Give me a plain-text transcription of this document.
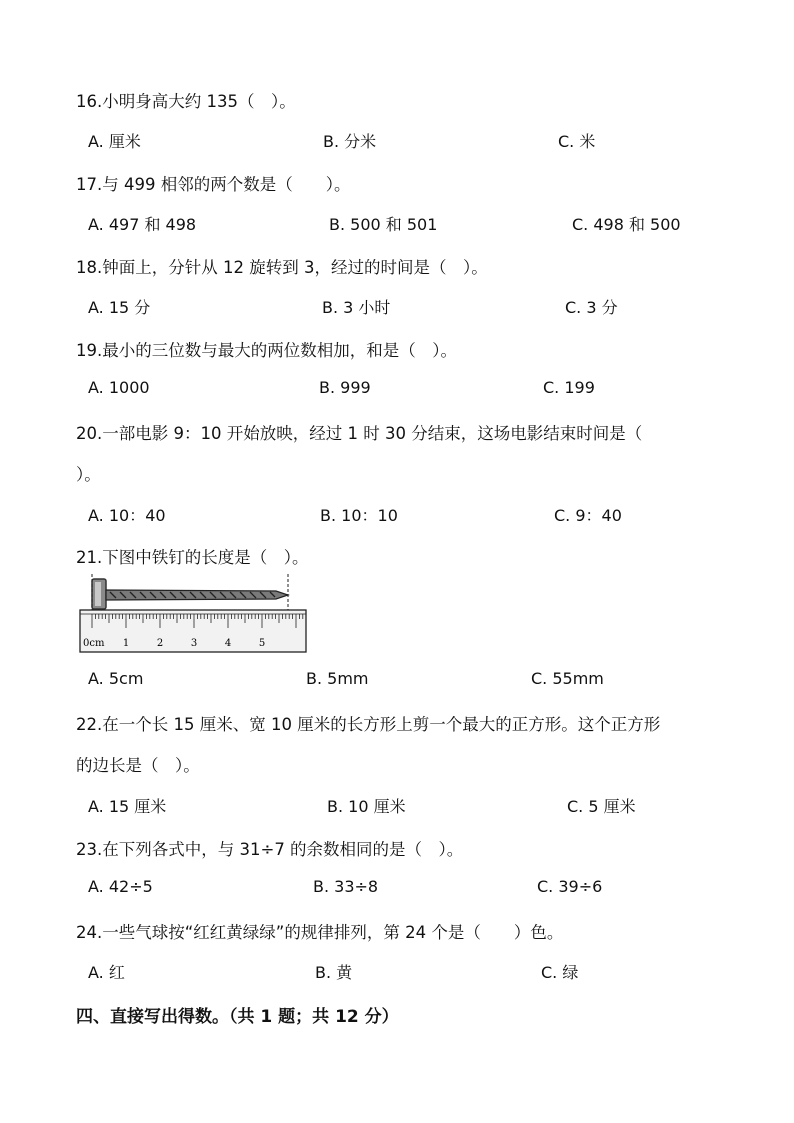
16.小明身高大约 135（　）。
A. 厘米	B. 分米	C. 米
17.与 499 相邻的两个数是（　　）。
A. 497 和 498	B. 500 和 501	C. 498 和 500
18.钟面上，分针从 12 旋转到 3，经过的时间是（　）。
A. 15 分	B. 3 小时	C. 3 分
19.最小的三位数与最大的两位数相加，和是（　）。
A. 1000	B. 999	C. 199
20.一部电影 9：10 开始放映，经过 1 时 30 分结束，这场电影结束时间是（
）。
A. 10：40	B. 10：10	C. 9：40
21.下图中铁钉的长度是（　）。
0cm 1	2	3	4	5
A. 5cm	B. 5mm	C. 55mm
22.在一个长 15 厘米、宽 10 厘米的长方形上剪一个最大的正方形。这个正方形
的边长是（　）。
A. 15 厘米	B. 10 厘米	C. 5 厘米
23.在下列各式中，与 31÷7 的余数相同的是（　）。
A. 42÷5	B. 33÷8	C. 39÷6
24.一些气球按“红红黄绿绿”的规律排列，第 24 个是（　　）色。
A. 红	B. 黄	C. 绿
四、直接写出得数。（共 1 题；共 12 分）
